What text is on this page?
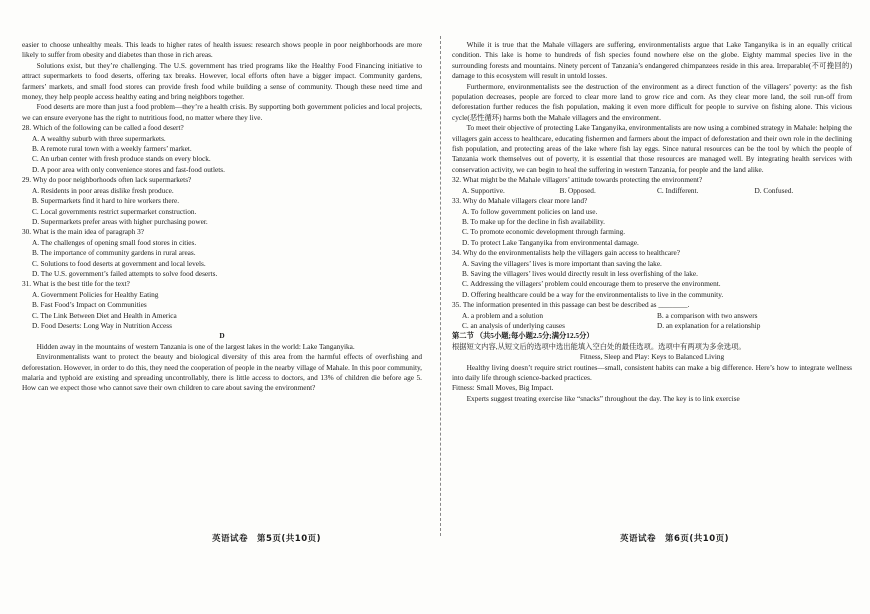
easier to choose unhealthy meals. This leads to higher rates of health issues: research shows people in poor neighborhoods are more likely to suffer from obesity and diabetes than those in rich areas.

Solutions exist, but they’re challenging. The U.S. government has tried programs like the Healthy Food Financing initiative to attract supermarkets to food deserts, offering tax breaks. However, local efforts often have a bigger impact. Community gardens, farmers’ markets, and small food stores can provide fresh food while building a sense of community. Though these need time and money, they help people access healthy eating and bring neighbors together.

Food deserts are more than just a food problem—they’re a health crisis. By supporting both government policies and local projects, we can ensure everyone has the right to nutritious food, no matter where they live.

28. Which of the following can be called a food desert?

A. A wealthy suburb with three supermarkets.

B. A remote rural town with a weekly farmers’ market.

C. An urban center with fresh produce stands on every block.

D. A poor area with only convenience stores and fast-food outlets.

29. Why do poor neighborhoods often lack supermarkets?

A. Residents in poor areas dislike fresh produce.

B. Supermarkets find it hard to hire workers there.

C. Local governments restrict supermarket construction.

D. Supermarkets prefer areas with higher purchasing power.

30. What is the main idea of paragraph 3?

A. The challenges of opening small food stores in cities.

B. The importance of community gardens in rural areas.

C. Solutions to food deserts at government and local levels.

D. The U.S. government’s failed attempts to solve food deserts.

31. What is the best title for the text?

A. Government Policies for Healthy Eating

B. Fast Food’s Impact on Communities

C. The Link Between Diet and Health in America

D. Food Deserts: Long Way in Nutrition Access

D

Hidden away in the mountains of western Tanzania is one of the largest lakes in the world: Lake Tanganyika.

Environmentalists want to protect the beauty and biological diversity of this area from the harmful effects of overfishing and deforestation. However, in order to do this, they need the cooperation of people in the nearby village of Mahale. In this poor community, malaria and typhoid are existing and spreading uncontrollably, there is little access to doctors, and 13% of children die before age 5. How can we expect those who cannot save their own children to care about saving the environment?

While it is true that the Mahale villagers are suffering, environmentalists argue that Lake Tanganyika is in an equally critical condition. This lake is home to hundreds of fish species found nowhere else on the globe. Eighty mammal species live in the surrounding forests and mountains. Ninety percent of Tanzania’s endangered chimpanzees reside in this area. Irreparable(不可挽回的) damage to this ecosystem will result in untold losses.

Furthermore, environmentalists see the destruction of the environment as a direct function of the villagers’ poverty: as the fish population decreases, people are forced to clear more land to grow rice and corn. As they clear more land, the soil run-off from deforestation further reduces the fish population, making it even more difficult for people to survive on fishing alone. This vicious cycle(恶性循环) harms both the Mahale villagers and the environment.

To meet their objective of protecting Lake Tanganyika, environmentalists are now using a combined strategy in Mahale: helping the villagers gain access to healthcare, educating fishermen and farmers about the impact of deforestation and their own role in the declining fish population, and protecting areas of the lake where fish lay eggs. Since natural resources can be the tool by which the people of Tanzania work themselves out of poverty, it is essential that those resources are managed well. By integrating health services with conservation activity, we can begin to heal the suffering in western Tanzania, for people and the land alike.

32. What might be the Mahale villagers’ attitude towards protecting the environment?

A. Supportive.	B. Opposed.	C. Indifferent.	D. Confused.

33. Why do Mahale villagers clear more land?

A. To follow government policies on land use.

B. To make up for the decline in fish availability.

C. To promote economic development through farming.

D. To protect Lake Tanganyika from environmental damage.

34. Why do the environmentalists help the villagers gain access to healthcare?

A. Saving the villagers’ lives is more important than saving the lake.

B. Saving the villagers’ lives would directly result in less overfishing of the lake.

C. Addressing the villagers’ problem could encourage them to preserve the environment.

D. Offering healthcare could be a way for the environmentalists to live in the community.

35. The information presented in this passage can best be described as ________.

A. a problem and a solution	B. a comparison with two answers
C. an analysis of underlying causes	D. an explanation for a relationship

第二节 （共5小题;每小题2.5分;满分12.5分）

根据短文内容,从短文后的选项中选出能填入空白处的最佳选项。选项中有两项为多余选项。

Fitness, Sleep and Play: Keys to Balanced Living

Healthy living doesn’t require strict routines—small, consistent habits can make a big difference. Here’s how to integrate wellness into daily life through science-backed practices.

Fitness: Small Moves, Big Impact.

Experts suggest treating exercise like “snacks” throughout the day. The key is to link exercise

英语试卷　第5页(共10页)	英语试卷　第6页(共10页)
